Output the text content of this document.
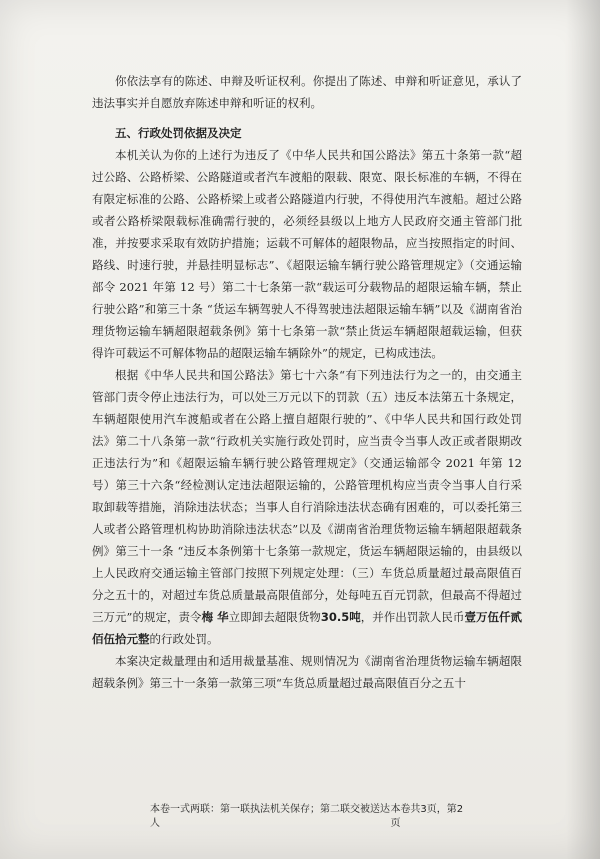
你依法享有的陈述、申辩及听证权利。你提出了陈述、申辩和听证意见，承认了违法事实并自愿放弃陈述申辩和听证的权利。

五、行政处罚依据及决定

本机关认为你的上述行为违反了《中华人民共和国公路法》第五十条第一款“超过公路、公路桥梁、公路隧道或者汽车渡船的限载、限宽、限长标准的车辆，不得在有限定标准的公路、公路桥梁上或者公路隧道内行驶，不得使用汽车渡船。超过公路或者公路桥梁限载标准确需行驶的，必须经县级以上地方人民政府交通主管部门批准，并按要求采取有效防护措施；运载不可解体的超限物品，应当按照指定的时间、路线、时速行驶，并悬挂明显标志”、《超限运输车辆行驶公路管理规定》（交通运输部令 2021 年第 12 号）第二十七条第一款“载运可分载物品的超限运输车辆，禁止行驶公路”和第三十条 “货运车辆驾驶人不得驾驶违法超限运输车辆”以及《湖南省治理货物运输车辆超限超载条例》第十七条第一款“禁止货运车辆超限超载运输，但获得许可载运不可解体物品的超限运输车辆除外”的规定，已构成违法。

根据《中华人民共和国公路法》第七十六条“有下列违法行为之一的，由交通主管部门责令停止违法行为，可以处三万元以下的罚款（五）违反本法第五十条规定，车辆超限使用汽车渡船或者在公路上擅自超限行驶的”、《中华人民共和国行政处罚法》第二十八条第一款“行政机关实施行政处罚时，应当责令当事人改正或者限期改正违法行为”和《超限运输车辆行驶公路管理规定》（交通运输部令 2021 年第 12 号）第三十六条“经检测认定违法超限运输的，公路管理机构应当责令当事人自行采取卸载等措施，消除违法状态；当事人自行消除违法状态确有困难的，可以委托第三人或者公路管理机构协助消除违法状态”以及《湖南省治理货物运输车辆超限超载条例》第三十一条 “违反本条例第十七条第一款规定，货运车辆超限运输的，由县级以上人民政府交通运输主管部门按照下列规定处理：（三）车货总质量超过最高限值百分之五十的，对超过车货总质量最高限值部分，处每吨五百元罚款，但最高不得超过三万元”的规定，责令梅 华立即卸去超限货物30.5吨，并作出罚款人民币壹万伍仟贰佰伍拾元整的行政处罚。

本案决定裁量理由和适用裁量基准、规则情况为《湖南省治理货物运输车辆超限超载条例》第三十一条第一款第三项“车货总质量超过最高限值百分之五十

本卷一式两联：第一联执法机关保存；第二联交被送达人
本卷共3页，第2页
